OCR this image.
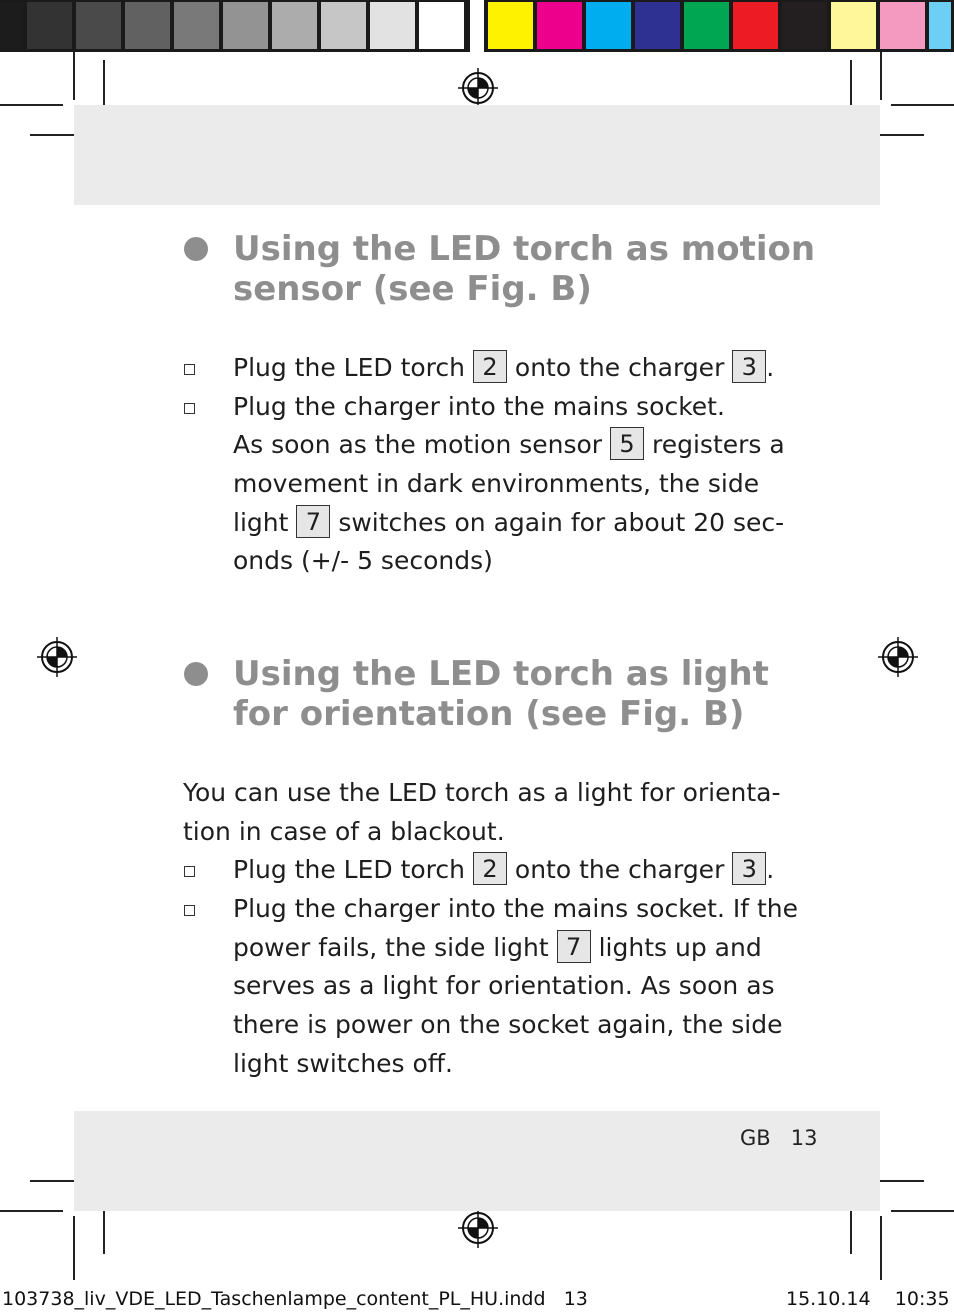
Using the LED torch as motion
sensor (see Fig. B)
Plug the LED torch 2 onto the charger 3 .
Plug the charger into the mains socket.
As soon as the motion sensor 5 registers a
movement in dark environments, the side
light 7 switches on again for about 20 sec-
onds (+/- 5 seconds)
Using the LED torch as light
for orientation (see Fig. B)
You can use the LED torch as a light for orienta-
tion in case of a blackout.
Plug the LED torch 2 onto the charger 3 .
Plug the charger into the mains socket. If the
power fails, the side light 7 lights up and
serves as a light for orientation. As soon as
there is power on the socket again, the side
light switches off.
GB 13
103738_liv_VDE_LED_Taschenlampe_content_PL_HU.indd 13	15.10.14 10:35
